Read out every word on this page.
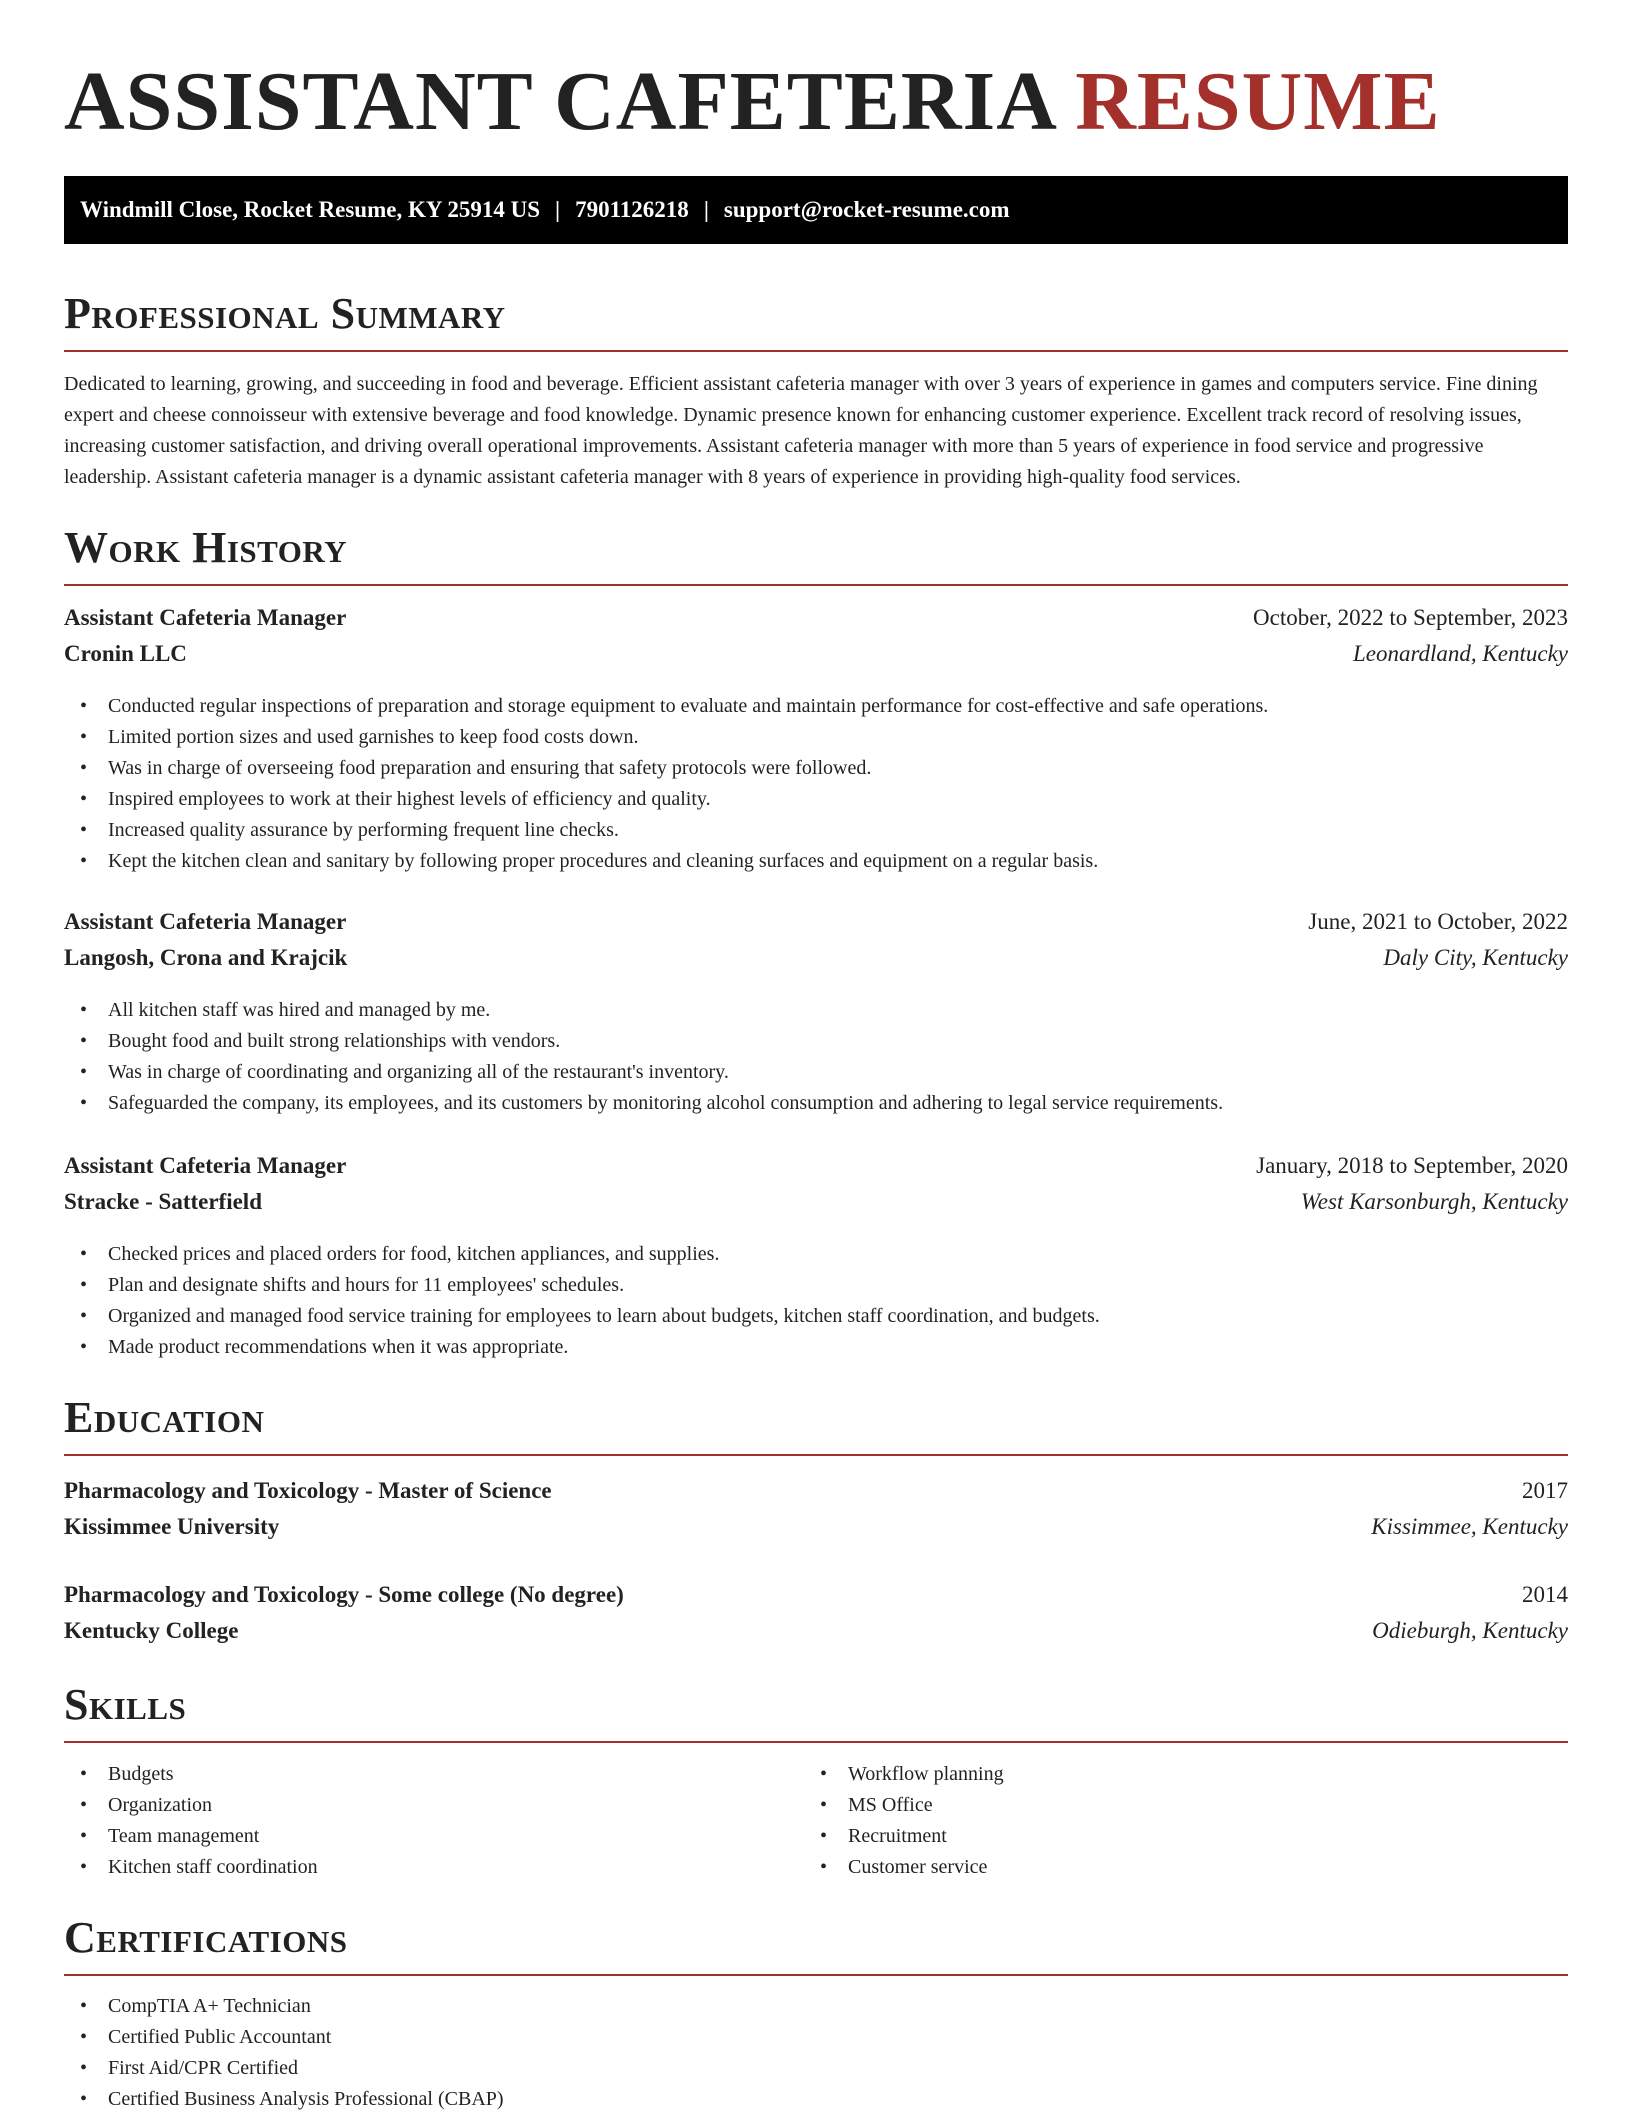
ASSISTANT CAFETERIA RESUME
Windmill Close, Rocket Resume, KY 25914 US | 7901126218 | support@rocket-resume.com
Professional Summary
Dedicated to learning, growing, and succeeding in food and beverage. Efficient assistant cafeteria manager with over 3 years of experience in games and computers service. Fine dining expert and cheese connoisseur with extensive beverage and food knowledge. Dynamic presence known for enhancing customer experience. Excellent track record of resolving issues, increasing customer satisfaction, and driving overall operational improvements. Assistant cafeteria manager with more than 5 years of experience in food service and progressive leadership. Assistant cafeteria manager is a dynamic assistant cafeteria manager with 8 years of experience in providing high-quality food services.
Work History
Assistant Cafeteria Manager	October, 2022 to September, 2023
Cronin LLC	Leonardland, Kentucky
• Conducted regular inspections of preparation and storage equipment to evaluate and maintain performance for cost-effective and safe operations.
• Limited portion sizes and used garnishes to keep food costs down.
• Was in charge of overseeing food preparation and ensuring that safety protocols were followed.
• Inspired employees to work at their highest levels of efficiency and quality.
• Increased quality assurance by performing frequent line checks.
• Kept the kitchen clean and sanitary by following proper procedures and cleaning surfaces and equipment on a regular basis.
Assistant Cafeteria Manager	June, 2021 to October, 2022
Langosh, Crona and Krajcik	Daly City, Kentucky
• All kitchen staff was hired and managed by me.
• Bought food and built strong relationships with vendors.
• Was in charge of coordinating and organizing all of the restaurant's inventory.
• Safeguarded the company, its employees, and its customers by monitoring alcohol consumption and adhering to legal service requirements.
Assistant Cafeteria Manager	January, 2018 to September, 2020
Stracke - Satterfield	West Karsonburgh, Kentucky
• Checked prices and placed orders for food, kitchen appliances, and supplies.
• Plan and designate shifts and hours for 11 employees' schedules.
• Organized and managed food service training for employees to learn about budgets, kitchen staff coordination, and budgets.
• Made product recommendations when it was appropriate.
Education
Pharmacology and Toxicology - Master of Science	2017
Kissimmee University	Kissimmee, Kentucky
Pharmacology and Toxicology - Some college (No degree)	2014
Kentucky College	Odieburgh, Kentucky
Skills
• Budgets
• Organization
• Team management
• Kitchen staff coordination
• Workflow planning
• MS Office
• Recruitment
• Customer service
Certifications
• CompTIA A+ Technician
• Certified Public Accountant
• First Aid/CPR Certified
• Certified Business Analysis Professional (CBAP)
